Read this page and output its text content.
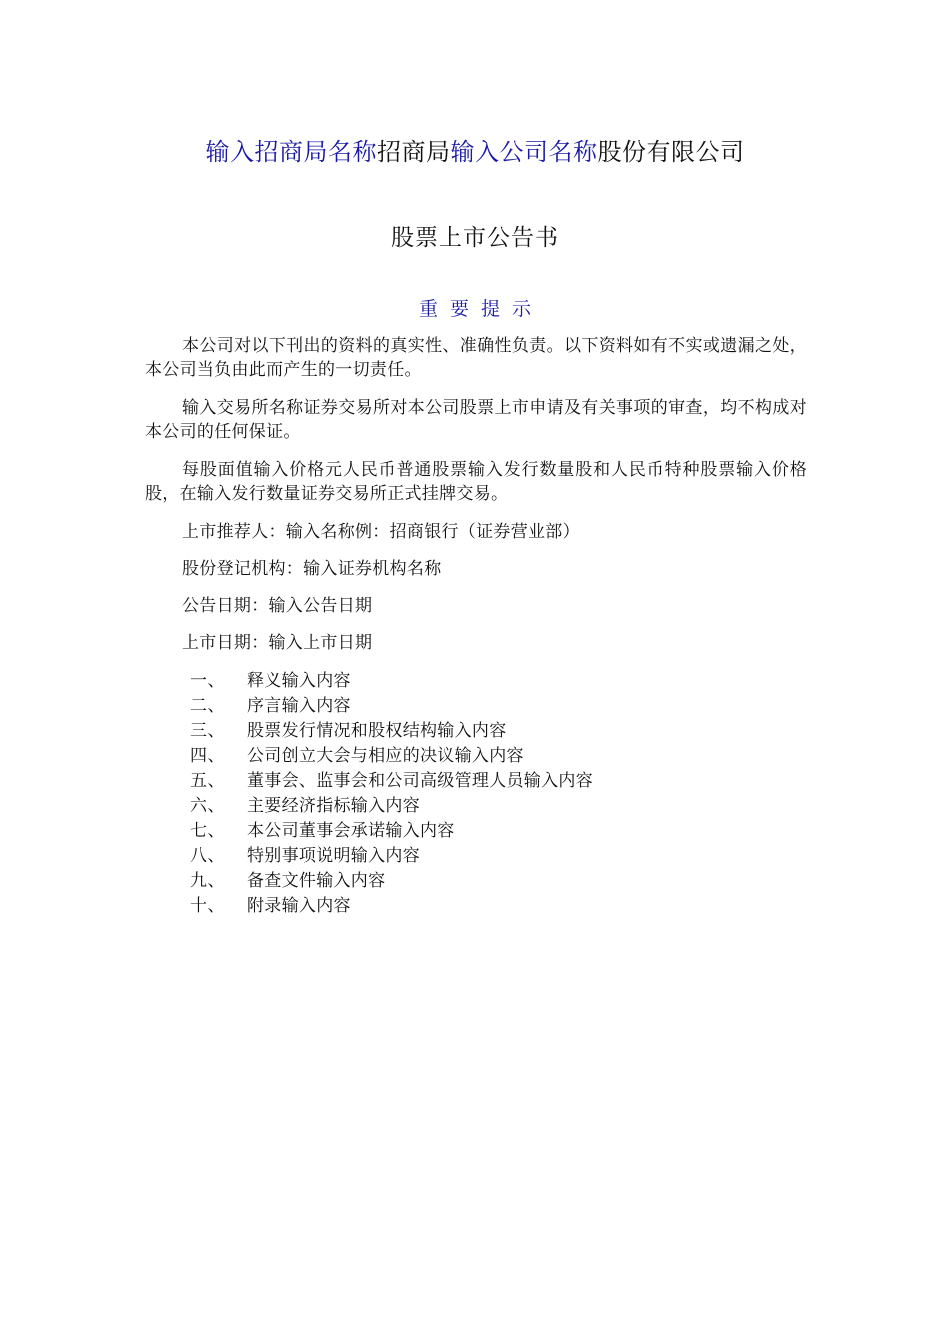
输入招商局名称招商局输入公司名称股份有限公司
股票上市公告书
重要提示
本公司对以下刊出的资料的真实性、准确性负责。以下资料如有不实或遗漏之处，本公司当负由此而产生的一切责任。
输入交易所名称证券交易所对本公司股票上市申请及有关事项的审查，均不构成对本公司的任何保证。
每股面值输入价格元人民币普通股票输入发行数量股和人民币特种股票输入价格股，在输入发行数量证券交易所正式挂牌交易。
上市推荐人：输入名称例：招商银行（证券营业部）
股份登记机构：输入证券机构名称
公告日期：输入公告日期
上市日期：输入上市日期
一、	释义输入内容
二、	序言输入内容
三、	股票发行情况和股权结构输入内容
四、	公司创立大会与相应的决议输入内容
五、	董事会、监事会和公司高级管理人员输入内容
六、	主要经济指标输入内容
七、	本公司董事会承诺输入内容
八、	特别事项说明输入内容
九、	备查文件输入内容
十、	附录输入内容
